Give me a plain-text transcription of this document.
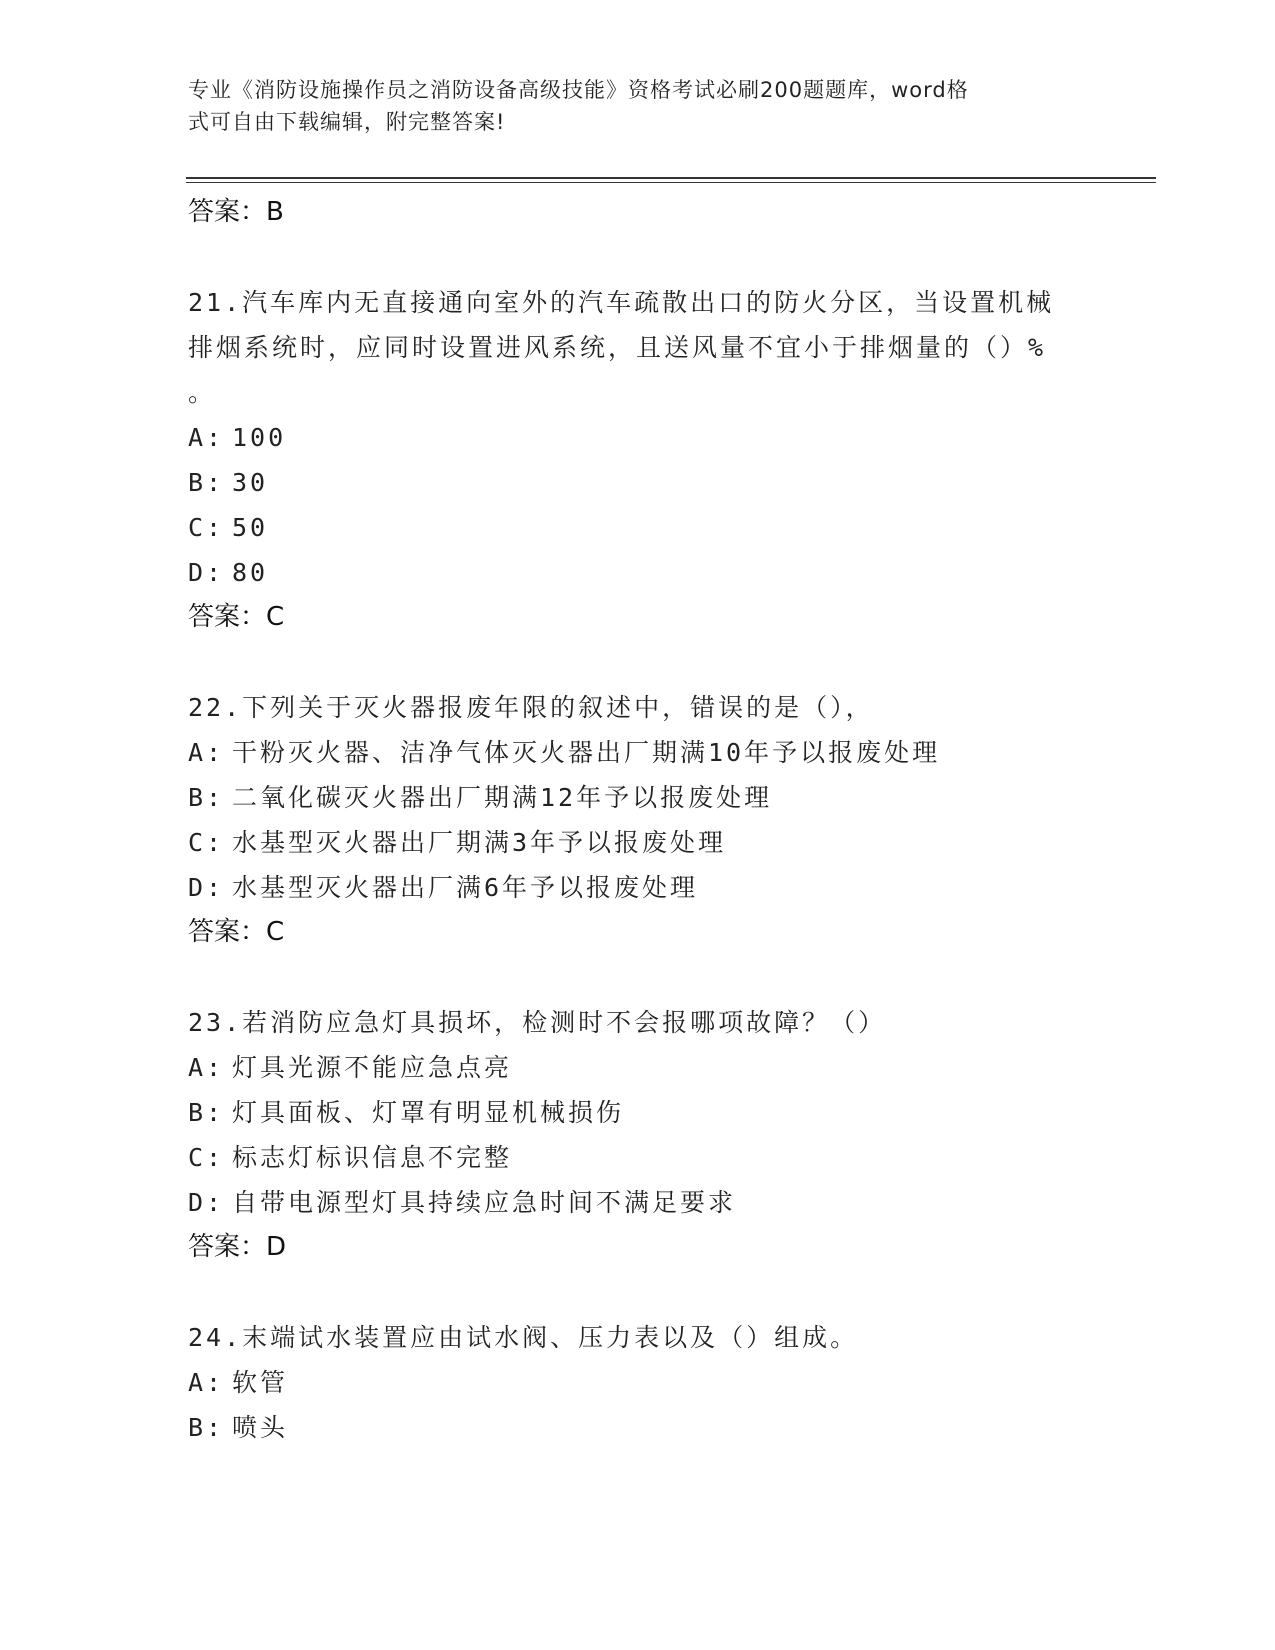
专业《消防设施操作员之消防设备高级技能》资格考试必刷200题题库，word格
式可自由下载编辑，附完整答案!
答案：B
21.汽车库内无直接通向室外的汽车疏散出口的防火分区，当设置机械
排烟系统时，应同时设置进风系统，且送风量不宜小于排烟量的（）%
。
A: 100
B: 30
C: 50
D: 80
答案：C
22.下列关于灭火器报废年限的叙述中，错误的是（），
A: 干粉灭火器、洁净气体灭火器出厂期满10年予以报废处理
B: 二氧化碳灭火器出厂期满12年予以报废处理
C: 水基型灭火器出厂期满3年予以报废处理
D: 水基型灭火器出厂满6年予以报废处理
答案：C
23.若消防应急灯具损坏，检测时不会报哪项故障？（）
A: 灯具光源不能应急点亮
B: 灯具面板、灯罩有明显机械损伤
C: 标志灯标识信息不完整
D: 自带电源型灯具持续应急时间不满足要求
答案：D
24.末端试水装置应由试水阀、压力表以及（）组成。
A: 软管
B: 喷头
